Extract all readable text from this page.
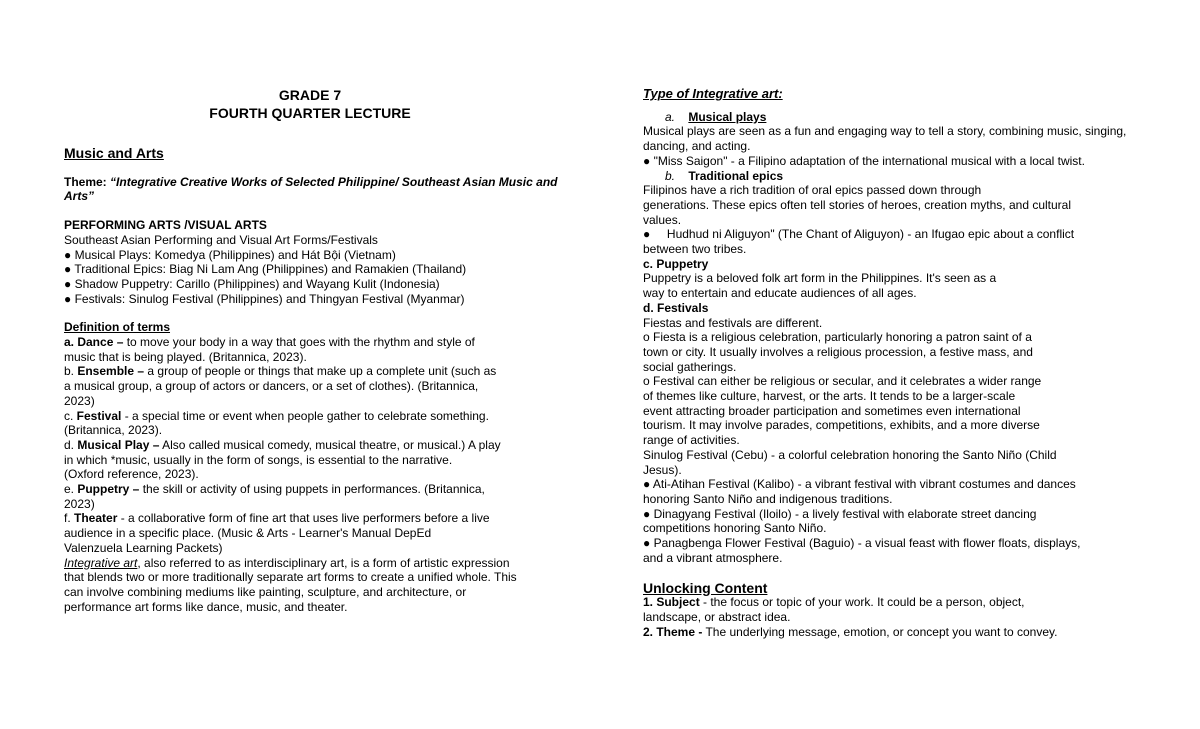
GRADE 7
FOURTH QUARTER LECTURE

Music and Arts

Theme: “Integrative Creative Works of Selected Philippine/ Southeast Asian Music and

Arts”

PERFORMING ARTS /VISUAL ARTS

Southeast Asian Performing and Visual Art Forms/Festivals

● Musical Plays: Komedya (Philippines) and Hát Bội (Vietnam)

● Traditional Epics: Biag Ni Lam Ang (Philippines) and Ramakien (Thailand)

● Shadow Puppetry: Carillo (Philippines) and Wayang Kulit (Indonesia)

● Festivals: Sinulog Festival (Philippines) and Thingyan Festival (Myanmar)

Definition of terms

a. Dance – to move your body in a way that goes with the rhythm and style of

music that is being played. (Britannica, 2023).

b. Ensemble – a group of people or things that make up a complete unit (such as

a musical group, a group of actors or dancers, or a set of clothes). (Britannica,

2023)

c. Festival - a special time or event when people gather to celebrate something.

(Britannica, 2023).

d. Musical Play – Also called musical comedy, musical theatre, or musical.) A play

in which *music, usually in the form of songs, is essential to the narrative.

(Oxford reference, 2023).

e. Puppetry – the skill or activity of using puppets in performances. (Britannica,

2023)

f. Theater - a collaborative form of fine art that uses live performers before a live

audience in a specific place. (Music & Arts - Learner's Manual DepEd

Valenzuela Learning Packets)

Integrative art, also referred to as interdisciplinary art, is a form of artistic expression

that blends two or more traditionally separate art forms to create a unified whole. This

can involve combining mediums like painting, sculpture, and architecture, or

performance art forms like dance, music, and theater.

Type of Integrative art:

a. Musical plays

Musical plays are seen as a fun and engaging way to tell a story, combining music, singing,

dancing, and acting.

● "Miss Saigon" - a Filipino adaptation of the international musical with a local twist.

b. Traditional epics

Filipinos have a rich tradition of oral epics passed down through

generations. These epics often tell stories of heroes, creation myths, and cultural

values.

● Hudhud ni Aliguyon" (The Chant of Aliguyon) - an Ifugao epic about a conflict

between two tribes.

c. Puppetry

Puppetry is a beloved folk art form in the Philippines. It's seen as a

way to entertain and educate audiences of all ages.

d. Festivals

Fiestas and festivals are different.

o Fiesta is a religious celebration, particularly honoring a patron saint of a

town or city. It usually involves a religious procession, a festive mass, and

social gatherings.

o Festival can either be religious or secular, and it celebrates a wider range

of themes like culture, harvest, or the arts. It tends to be a larger-scale

event attracting broader participation and sometimes even international

tourism. It may involve parades, competitions, exhibits, and a more diverse

range of activities.

Sinulog Festival (Cebu) - a colorful celebration honoring the Santo Niño (Child

Jesus).

● Ati-Atihan Festival (Kalibo) - a vibrant festival with vibrant costumes and dances

honoring Santo Niño and indigenous traditions.

● Dinagyang Festival (Iloilo) - a lively festival with elaborate street dancing

competitions honoring Santo Niño.

● Panagbenga Flower Festival (Baguio) - a visual feast with flower floats, displays,

and a vibrant atmosphere.

Unlocking Content

1. Subject - the focus or topic of your work. It could be a person, object,

landscape, or abstract idea.

2. Theme - The underlying message, emotion, or concept you want to convey.
